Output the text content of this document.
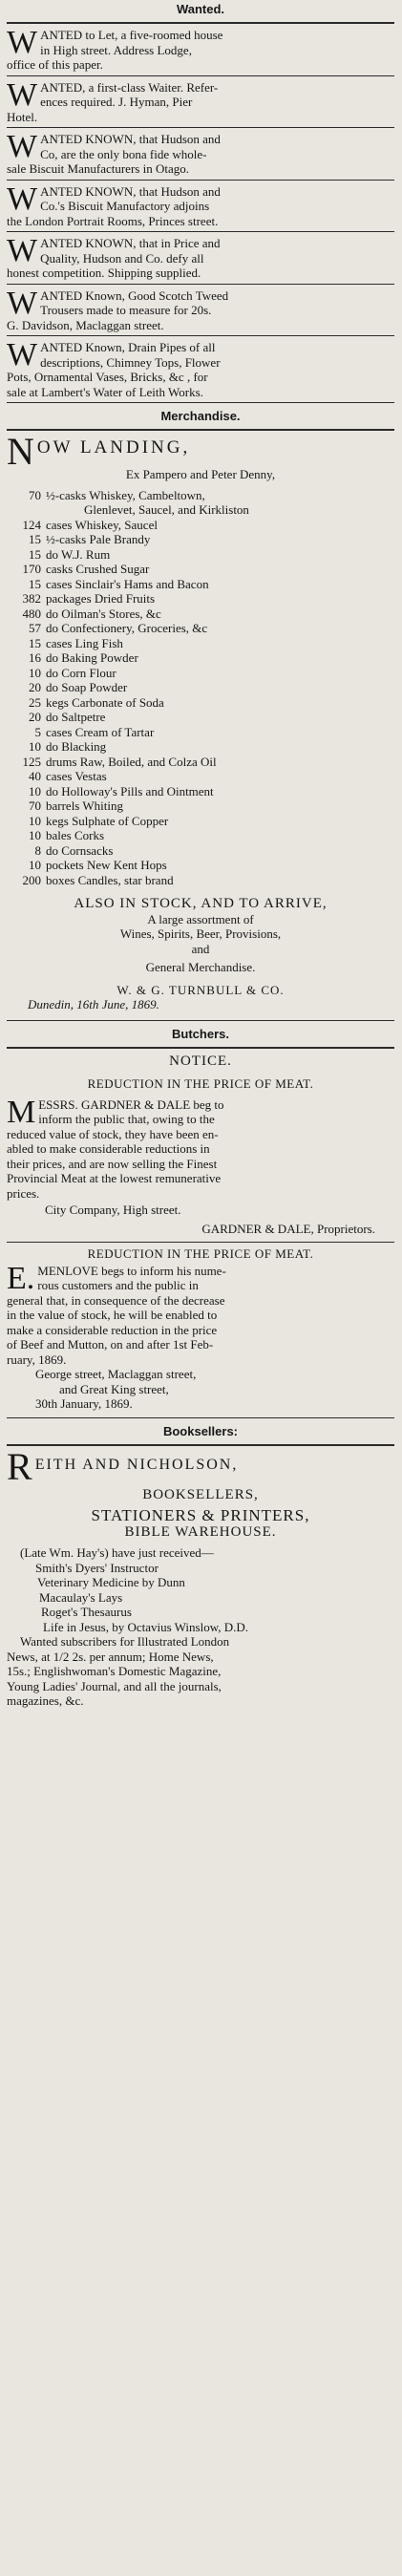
Wanted.
W ANTED to Let, a five-roomed house
in High street. Address Lodge,
office of this paper.
W ANTED, a first-class Waiter. Refer-
ences required. J. Hyman, Pier
Hotel.
W ANTED KNOWN, that Hudson and
Co, are the only bona fide whole-
sale Biscuit Manufacturers in Otago.
W ANTED KNOWN, that Hudson and
Co.'s Biscuit Manufactory adjoins
the London Portrait Rooms, Princes street.
W ANTED KNOWN, that in Price and
Quality, Hudson and Co. defy all
honest competition. Shipping supplied.
W ANTED Known, Good Scotch Tweed
Trousers made to measure for 20s.
G. Davidson, Maclaggan street.
W ANTED Known, Drain Pipes of all
descriptions, Chimney Tops, Flower
Pots, Ornamental Vases, Bricks, &c , for
sale at Lambert's Water of Leith Works.
Merchandise.
N OW LANDING,
Ex Pampero and Peter Denny,
70 ½-casks Whiskey, Cambeltown,
Glenlevet, Saucel, and Kirkliston
124 cases Whiskey, Saucel
15 ½-casks Pale Brandy
15 do W.J. Rum
170 casks Crushed Sugar
15 cases Sinclair's Hams and Bacon
382 packages Dried Fruits
480 do Oilman's Stores, &c
57 do Confectionery, Groceries, &c
15 cases Ling Fish
16 do Baking Powder
10 do Corn Flour
20 do Soap Powder
25 kegs Carbonate of Soda
20 do Saltpetre
5 cases Cream of Tartar
10 do Blacking
125 drums Raw, Boiled, and Colza Oil
40 cases Vestas
10 do Holloway's Pills and Ointment
70 barrels Whiting
10 kegs Sulphate of Copper
10 bales Corks
8 do Cornsacks
10 pockets New Kent Hops
200 boxes Candles, star brand
ALSO IN STOCK, AND TO ARRIVE,
A large assortment of
Wines, Spirits, Beer, Provisions,
and
General Merchandise.
W. & G. TURNBULL & CO.
Dunedin, 16th June, 1869.
Butchers.
NOTICE.
REDUCTION IN THE PRICE OF MEAT.
M ESSRS. GARDNER & DALE beg to
inform the public that, owing to the
reduced value of stock, they have been en-
abled to make considerable reductions in
their prices, and are now selling the Finest
Provincial Meat at the lowest remunerative
prices.
City Company, High street.
GARDNER & DALE, Proprietors.
REDUCTION IN THE PRICE OF MEAT.
E. MENLOVE begs to inform his nume-
rous customers and the public in
general that, in consequence of the decrease
in the value of stock, he will be enabled to
make a considerable reduction in the price
of Beef and Mutton, on and after 1st Feb-
ruary, 1869.
George street, Maclaggan street,
and Great King street,
30th January, 1869.
Booksellers:
R EITH AND NICHOLSON,
BOOKSELLERS,
STATIONERS & PRINTERS,
BIBLE WAREHOUSE.
(Late Wm. Hay's) have just received—
Smith's Dyers' Instructor
Veterinary Medicine by Dunn
Macaulay's Lays
Roget's Thesaurus
Life in Jesus, by Octavius Winslow, D.D.
Wanted subscribers for Illustrated London
News, at 1/2 2s. per annum; Home News,
15s.; Englishwoman's Domestic Magazine,
Young Ladies' Journal, and all the journals,
magazines, &c.
